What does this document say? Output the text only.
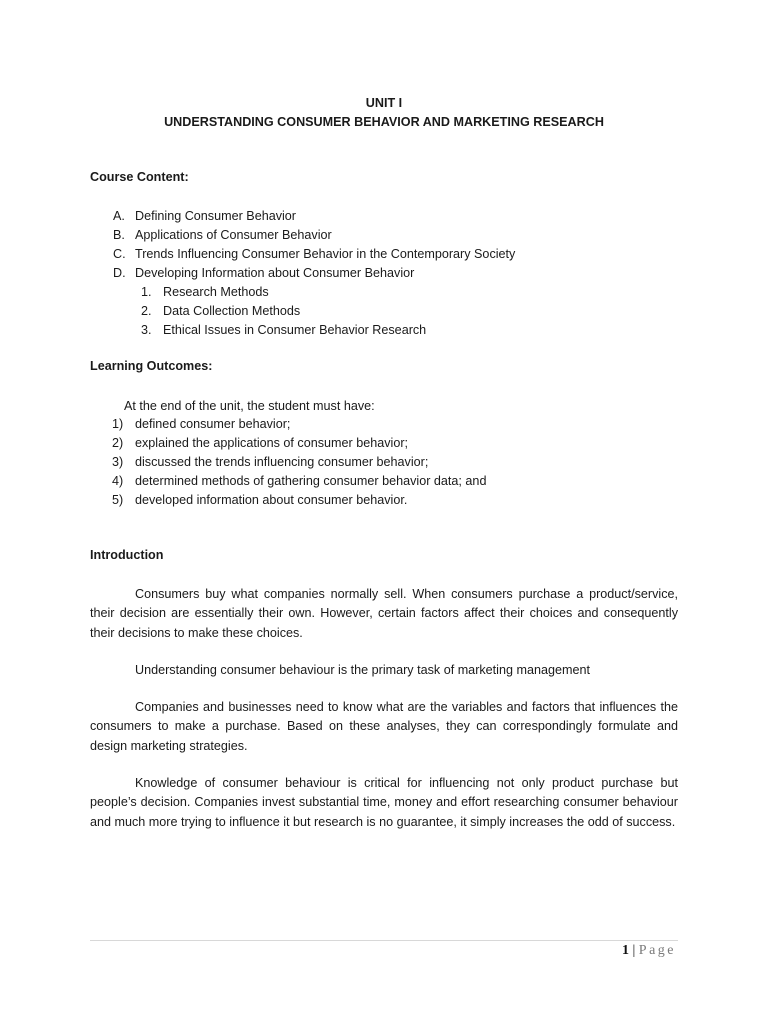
UNIT I
UNDERSTANDING CONSUMER BEHAVIOR AND MARKETING RESEARCH
Course Content:
A. Defining Consumer Behavior
B. Applications of Consumer Behavior
C. Trends Influencing Consumer Behavior in the Contemporary Society
D. Developing Information about Consumer Behavior
1. Research Methods
2. Data Collection Methods
3. Ethical Issues in Consumer Behavior Research
Learning Outcomes:
At the end of the unit, the student must have:
1) defined consumer behavior;
2) explained the applications of consumer behavior;
3) discussed the trends influencing consumer behavior;
4) determined methods of gathering consumer behavior data; and
5) developed information about consumer behavior.
Introduction

Consumers buy what companies normally sell. When consumers purchase a product/service, their decision are essentially their own. However, certain factors affect their choices and consequently their decisions to make these choices.

Understanding consumer behaviour is the primary task of marketing management

Companies and businesses need to know what are the variables and factors that influences the consumers to make a purchase. Based on these analyses, they can correspondingly formulate and design marketing strategies.

Knowledge of consumer behaviour is critical for influencing not only product purchase but people’s decision. Companies invest substantial time, money and effort researching consumer behaviour and much more trying to influence it but research is no guarantee, it simply increases the odd of success.

1 | Page
